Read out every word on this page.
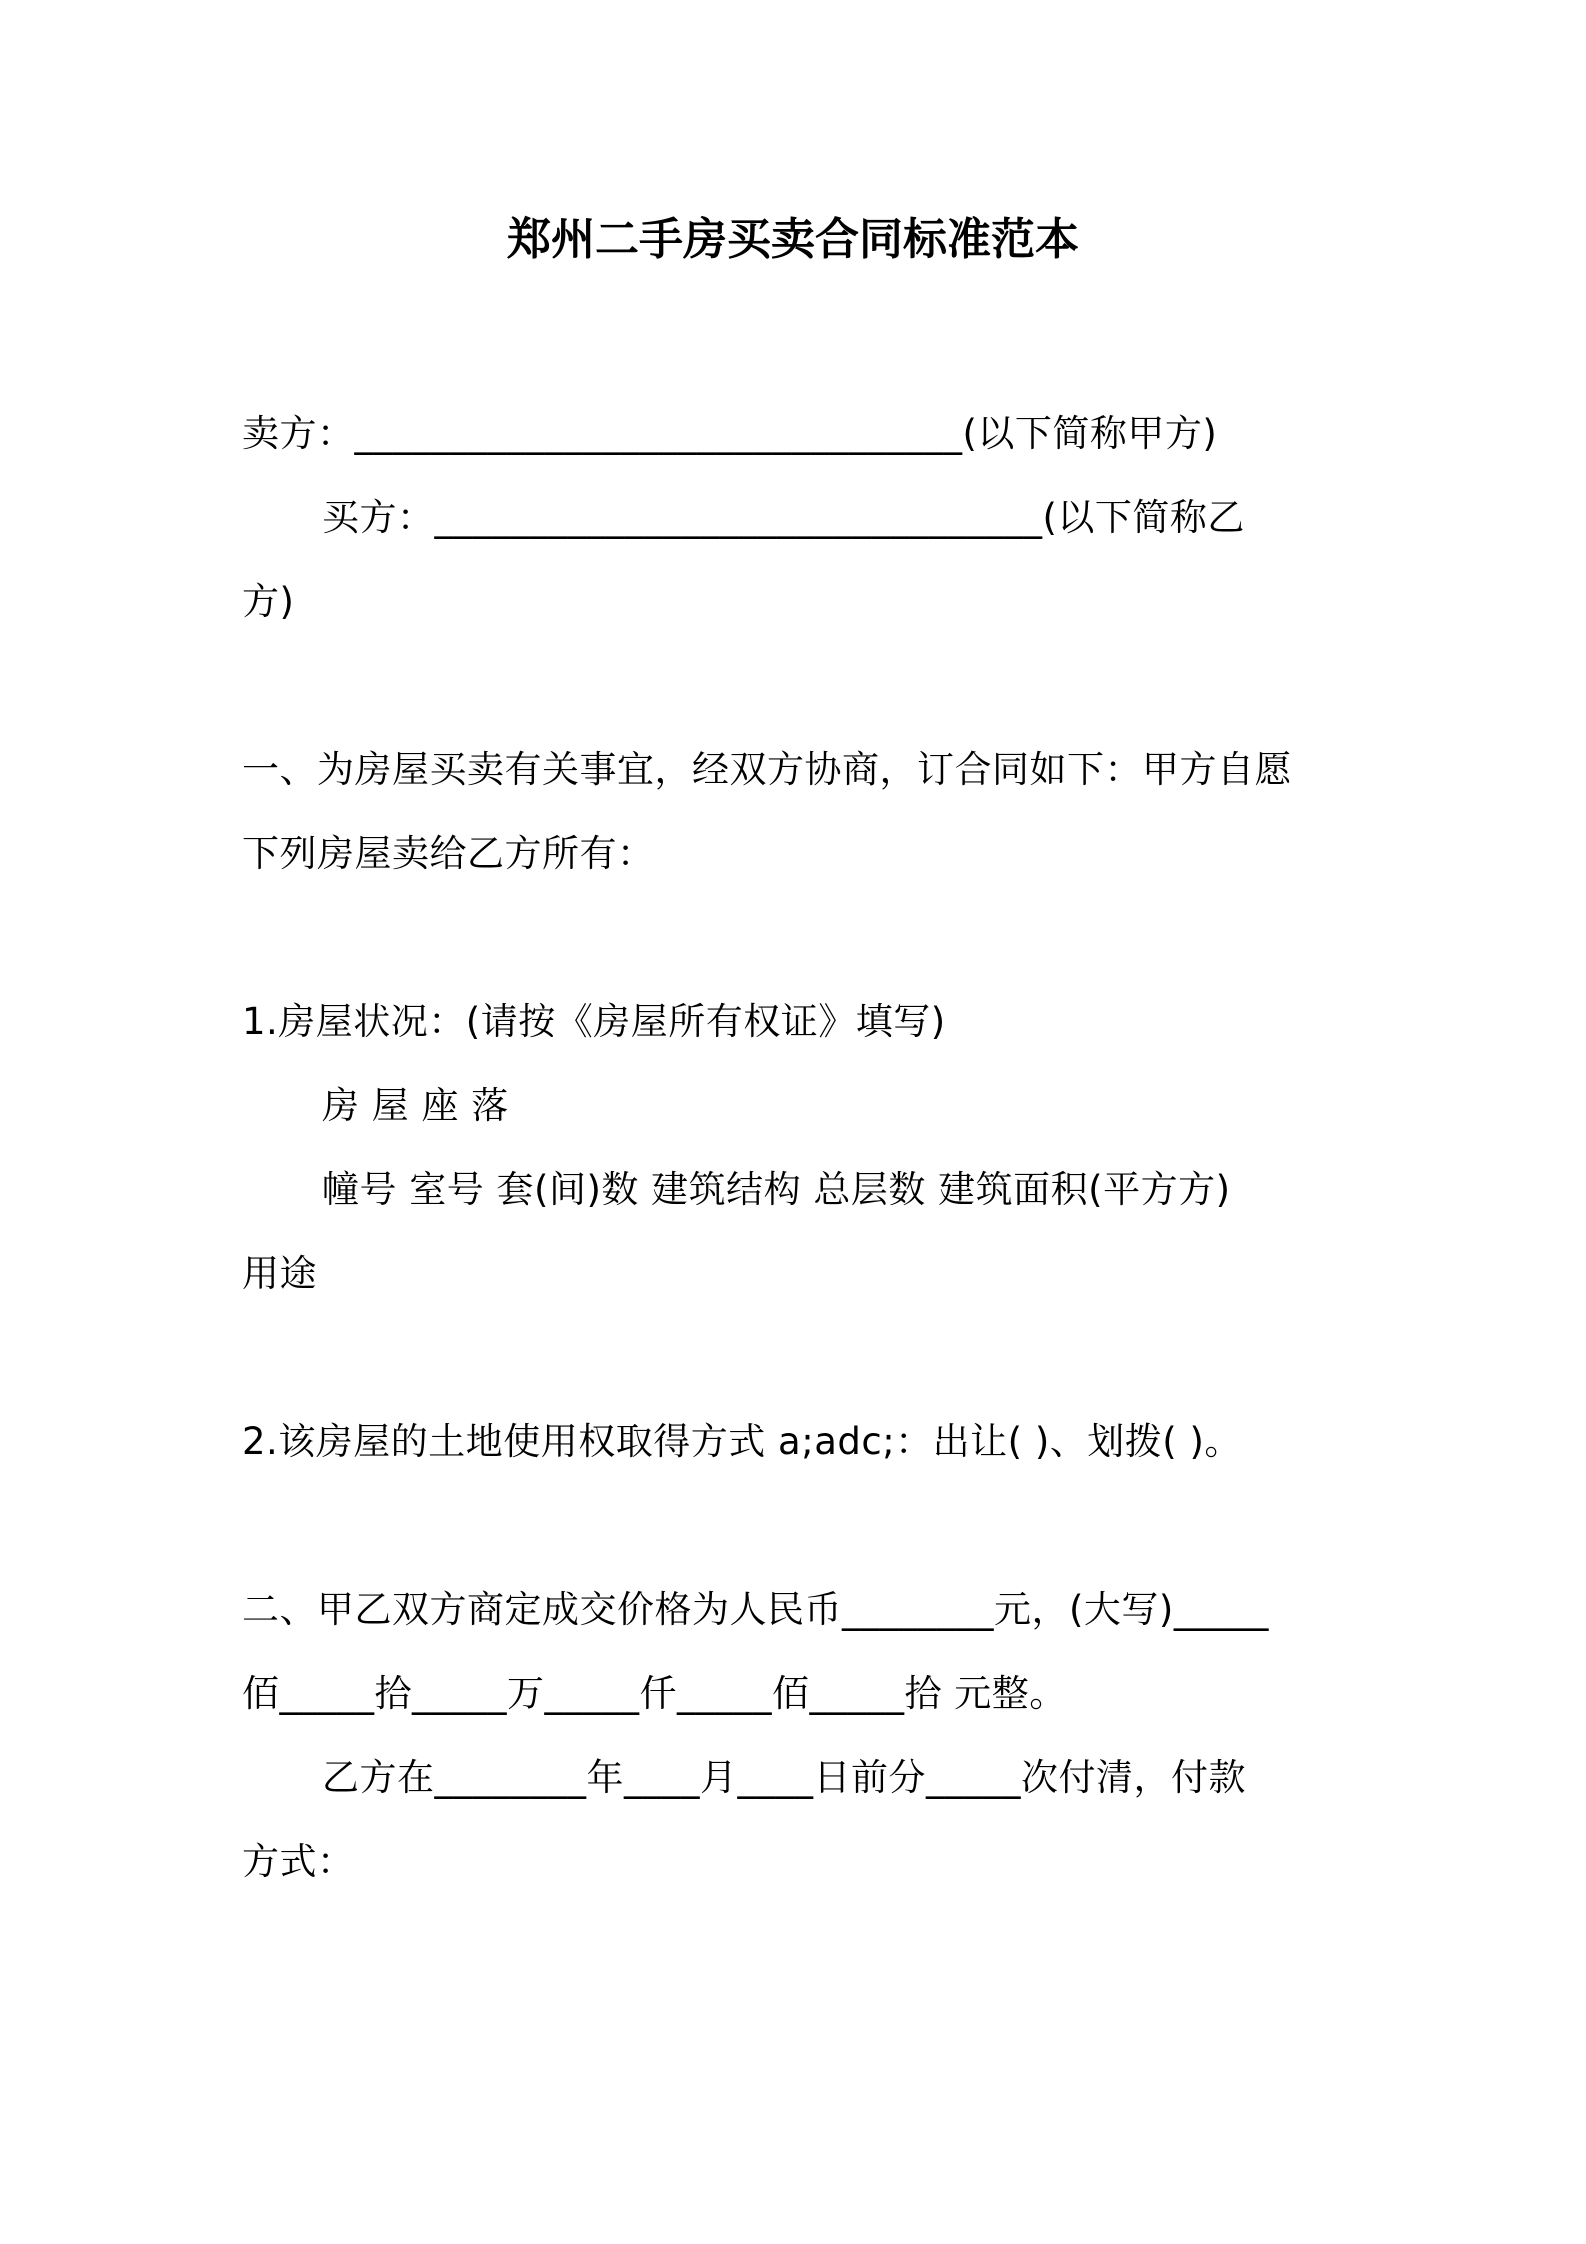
郑州二手房买卖合同标准范本
卖方：________________________________(以下简称甲方)
买方：________________________________(以下简称乙
方)
一、为房屋买卖有关事宜，经双方协商，订合同如下：甲方自愿
下列房屋卖给乙方所有：
1.房屋状况：(请按《房屋所有权证》填写)
房 屋 座 落
幢号 室号 套(间)数 建筑结构 总层数 建筑面积(平方方)
用途
2.该房屋的土地使用权取得方式 a;adc;：出让( )、划拨( )。
二、甲乙双方商定成交价格为人民币________元，(大写)_____
佰_____拾_____万_____仟_____佰_____拾 元整。
乙方在________年____月____日前分_____次付清，付款
方式：
